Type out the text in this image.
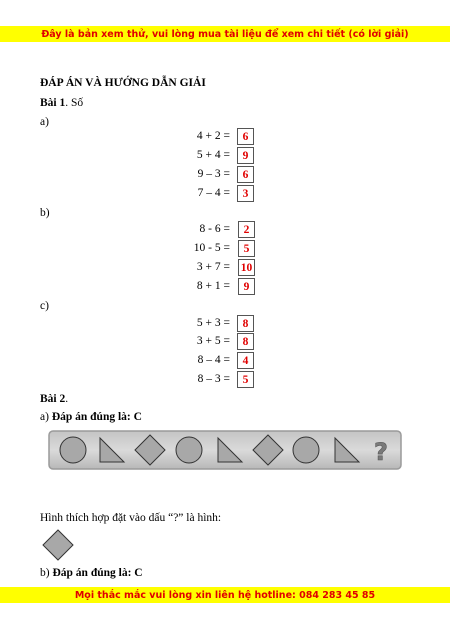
Đây là bản xem thử, vui lòng mua tài liệu để xem chi tiết (có lời giải)
ĐÁP ÁN VÀ HƯỚNG DẪN GIẢI
Bài 1. Số
a)
4 + 2 =	6
5 + 4 =	9
9 – 3 =	6
7 – 4 =	3
b)
8 - 6 =	2
10 - 5 =	5
3 + 7 = 10
8 + 1 =	9
c)
5 + 3 =	8
3 + 5 =	8
8 – 4 =	4
8 – 3 =	5
Bài 2.
a) Đáp án đúng là: C
?
Hình thích hợp đặt vào dấu “?” là hình:
b) Đáp án đúng là: C
Mọi thắc mắc vui lòng xin liên hệ hotline: 084 283 45 85
